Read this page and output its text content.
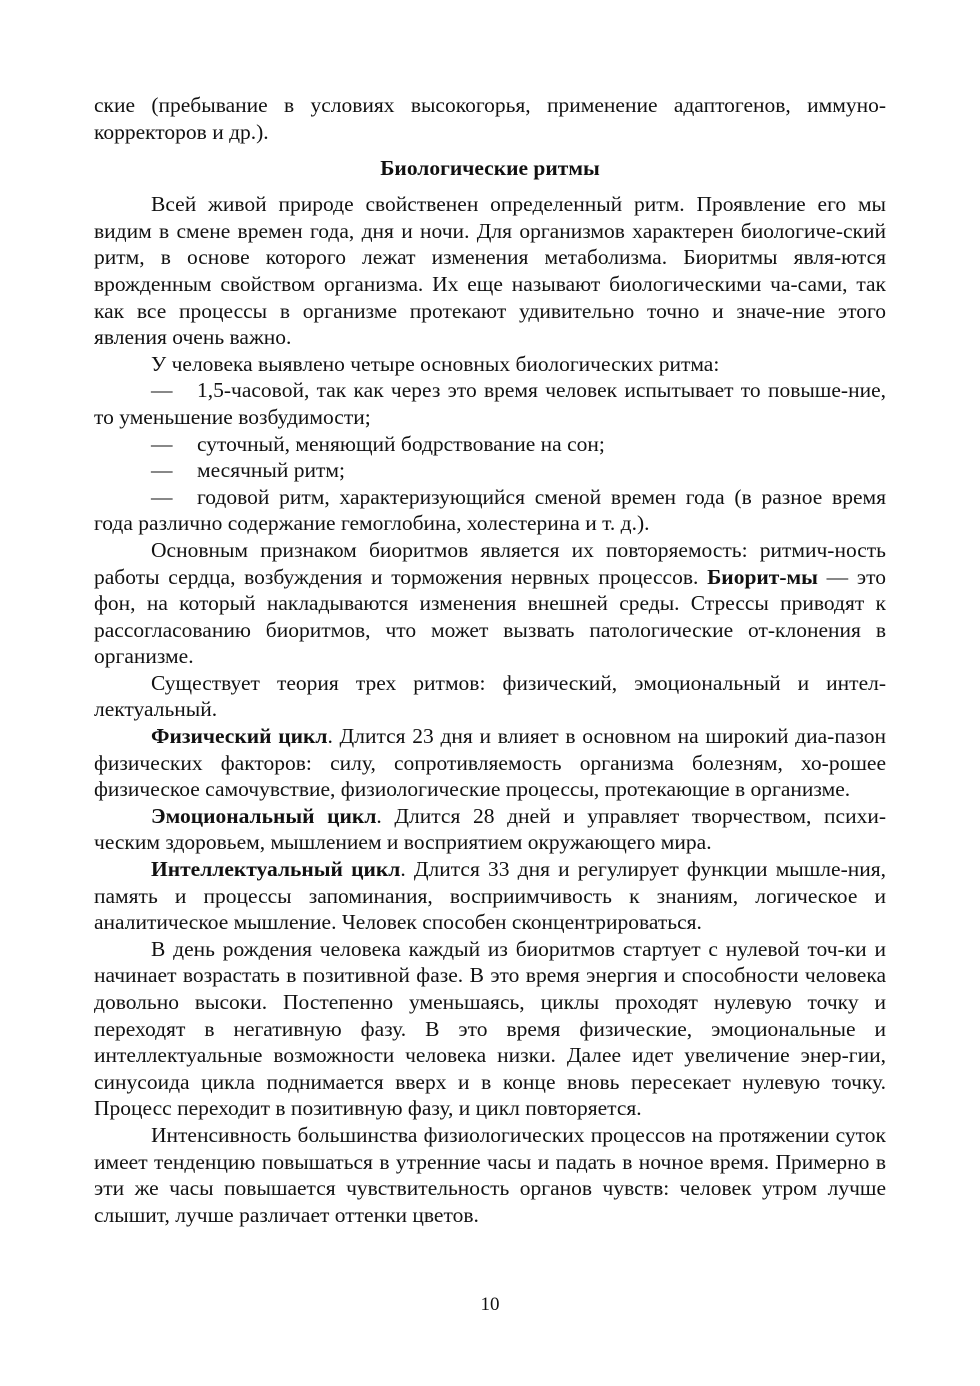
ские (пребывание в условиях высокогорья, применение адаптогенов, иммуно-корректоров и др.).

Биологические ритмы

Всей живой природе свойственен определенный ритм. Проявление его мы видим в смене времен года, дня и ночи. Для организмов характерен биологиче-ский ритм, в основе которого лежат изменения метаболизма. Биоритмы явля-ются врожденным свойством организма. Их еще называют биологическими ча-сами, так как все процессы в организме протекают удивительно точно и значе-ние этого явления очень важно.

У человека выявлено четыре основных биологических ритма:

— 1,5-часовой, так как через это время человек испытывает то повыше-ние, то уменьшение возбудимости;

— суточный, меняющий бодрствование на сон;

— месячный ритм;

— годовой ритм, характеризующийся сменой времен года (в разное время года различно содержание гемоглобина, холестерина и т. д.).

Основным признаком биоритмов является их повторяемость: ритмич-ность работы сердца, возбуждения и торможения нервных процессов. Биорит-мы — это фон, на который накладываются изменения внешней среды. Стрессы приводят к рассогласованию биоритмов, что может вызвать патологические от-клонения в организме.

Существует теория трех ритмов: физический, эмоциональный и интел-лектуальный.

Физический цикл. Длится 23 дня и влияет в основном на широкий диа-пазон физических факторов: силу, сопротивляемость организма болезням, хо-рошее физическое самочувствие, физиологические процессы, протекающие в организме.

Эмоциональный цикл. Длится 28 дней и управляет творчеством, психи-ческим здоровьем, мышлением и восприятием окружающего мира.

Интеллектуальный цикл. Длится 33 дня и регулирует функции мышле-ния, память и процессы запоминания, восприимчивость к знаниям, логическое и аналитическое мышление. Человек способен сконцентрироваться.

В день рождения человека каждый из биоритмов стартует с нулевой точ-ки и начинает возрастать в позитивной фазе. В это время энергия и способности человека довольно высоки. Постепенно уменьшаясь, циклы проходят нулевую точку и переходят в негативную фазу. В это время физические, эмоциональные и интеллектуальные возможности человека низки. Далее идет увеличение энер-гии, синусоида цикла поднимается вверх и в конце вновь пересекает нулевую точку. Процесс переходит в позитивную фазу, и цикл повторяется.

Интенсивность большинства физиологических процессов на протяжении суток имеет тенденцию повышаться в утренние часы и падать в ночное время. Примерно в эти же часы повышается чувствительность органов чувств: человек утром лучше слышит, лучше различает оттенки цветов.

10
